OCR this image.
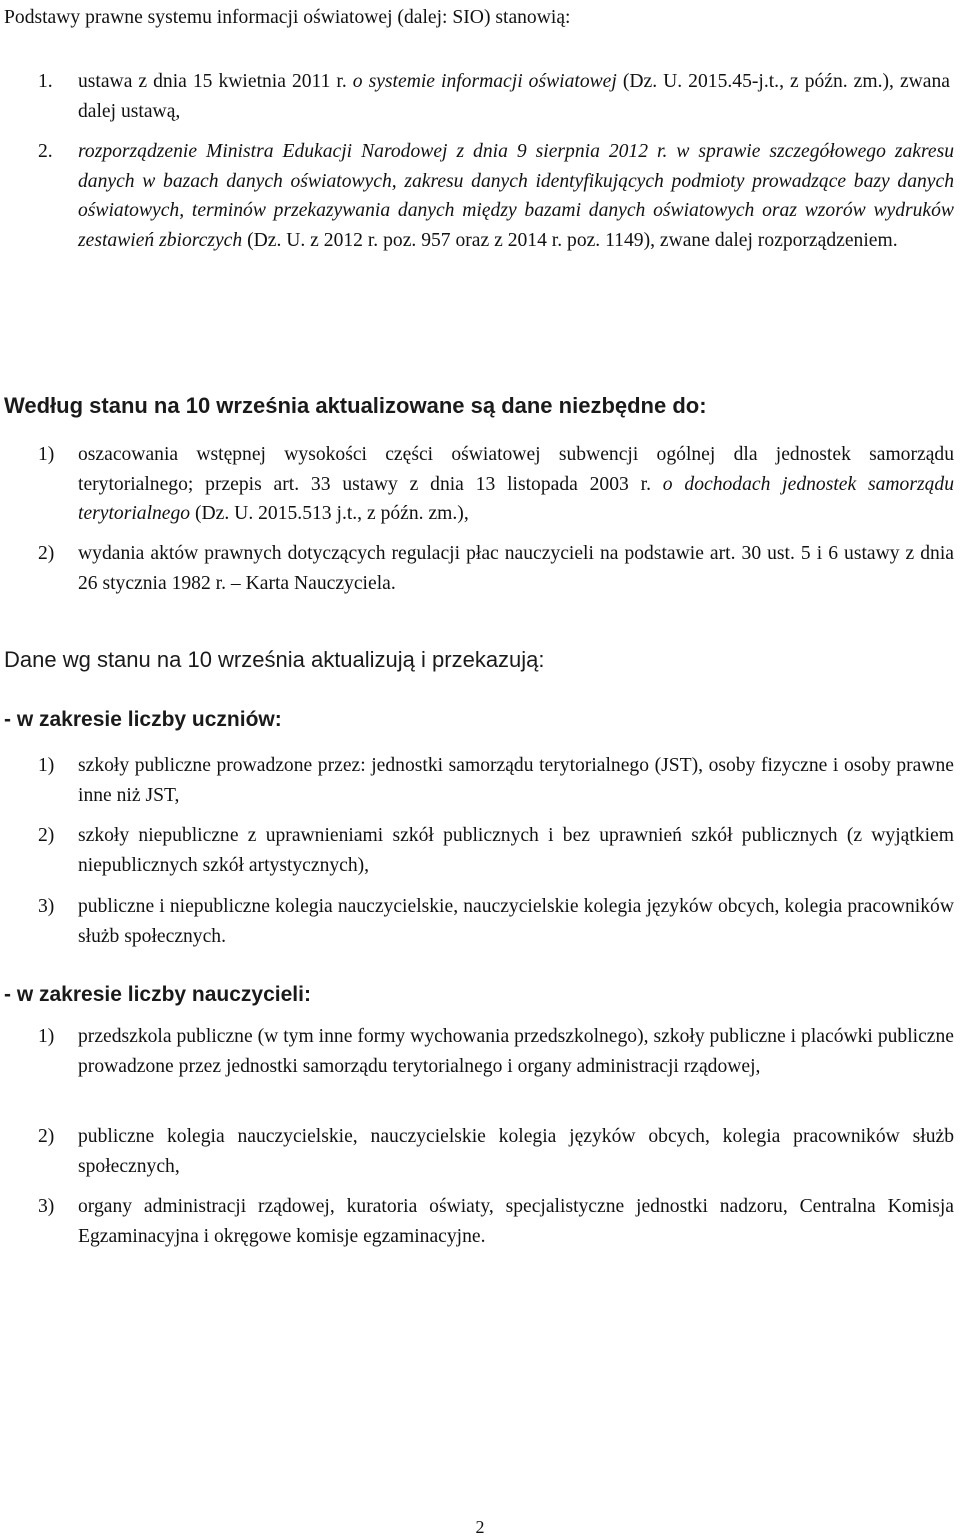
Podstawy prawne systemu informacji oświatowej (dalej: SIO) stanowią:

1.	ustawa z dnia 15 kwietnia 2011 r. o systemie informacji oświatowej (Dz. U. 2015.45-j.t., z późn. zm.), zwana dalej ustawą,

2.	rozporządzenie Ministra Edukacji Narodowej z dnia 9 sierpnia 2012 r. w sprawie szczegółowego zakresu danych w bazach danych oświatowych, zakresu danych identyfikujących podmioty prowadzące bazy danych oświatowych, terminów przekazywania danych między bazami danych oświatowych oraz wzorów wydruków zestawień zbiorczych (Dz. U. z 2012 r. poz. 957 oraz z 2014 r. poz. 1149), zwane dalej rozporządzeniem.

Według stanu na 10 września aktualizowane są dane niezbędne do:

1)	oszacowania wstępnej wysokości części oświatowej subwencji ogólnej dla jednostek samorządu terytorialnego; przepis art. 33 ustawy z dnia 13 listopada 2003 r. o dochodach jednostek samorządu terytorialnego (Dz. U. 2015.513 j.t., z późn. zm.),

2)	wydania aktów prawnych dotyczących regulacji płac nauczycieli na podstawie art. 30 ust. 5 i 6 ustawy z dnia 26 stycznia 1982 r. – Karta Nauczyciela.

Dane wg stanu na 10 września aktualizują i przekazują:

- w zakresie liczby uczniów:

1)	szkoły publiczne prowadzone przez: jednostki samorządu terytorialnego (JST), osoby fizyczne i osoby prawne inne niż JST,

2)	szkoły niepubliczne z uprawnieniami szkół publicznych i bez uprawnień szkół publicznych (z wyjątkiem niepublicznych szkół artystycznych),

3)	publiczne i niepubliczne kolegia nauczycielskie, nauczycielskie kolegia języków obcych, kolegia pracowników służb społecznych.

- w zakresie liczby nauczycieli:

1)	przedszkola publiczne (w tym inne formy wychowania przedszkolnego), szkoły publiczne i placówki publiczne prowadzone przez jednostki samorządu terytorialnego i organy administracji rządowej,

2)	publiczne kolegia nauczycielskie, nauczycielskie kolegia języków obcych, kolegia pracowników służb społecznych,

3)	organy administracji rządowej, kuratoria oświaty, specjalistyczne jednostki nadzoru, Centralna Komisja Egzaminacyjna i okręgowe komisje egzaminacyjne.

2
